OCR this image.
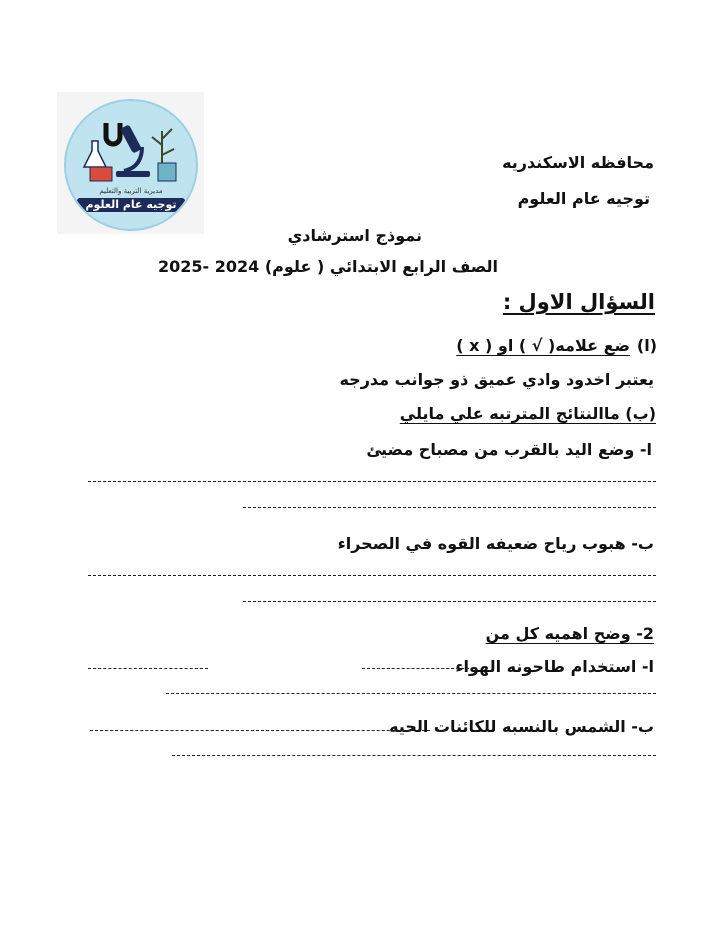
مديرية التربية والتعليم
توجيه عام العلوم
محافظه الاسكندريه
توجيه عام العلوم
نموذج استرشادي
الصف الرابع الابتدائي ( علوم) 2024 -2025
السؤال الاول :
(ا)
ضع علامه( √ ) او ( x )
يعتبر اخدود وادي عميق ذو جوانب مدرجه
(ب) ماالنتائج المترتبه علي مايلي
ا- وضع اليد بالقرب من مصباح مضيئ
ب- هبوب رياح ضعيفه القوه في الصحراء
2- وضح اهميه كل من
ا- استخدام طاحونه الهواء
ب- الشمس بالنسبه للكائنات الحيه
